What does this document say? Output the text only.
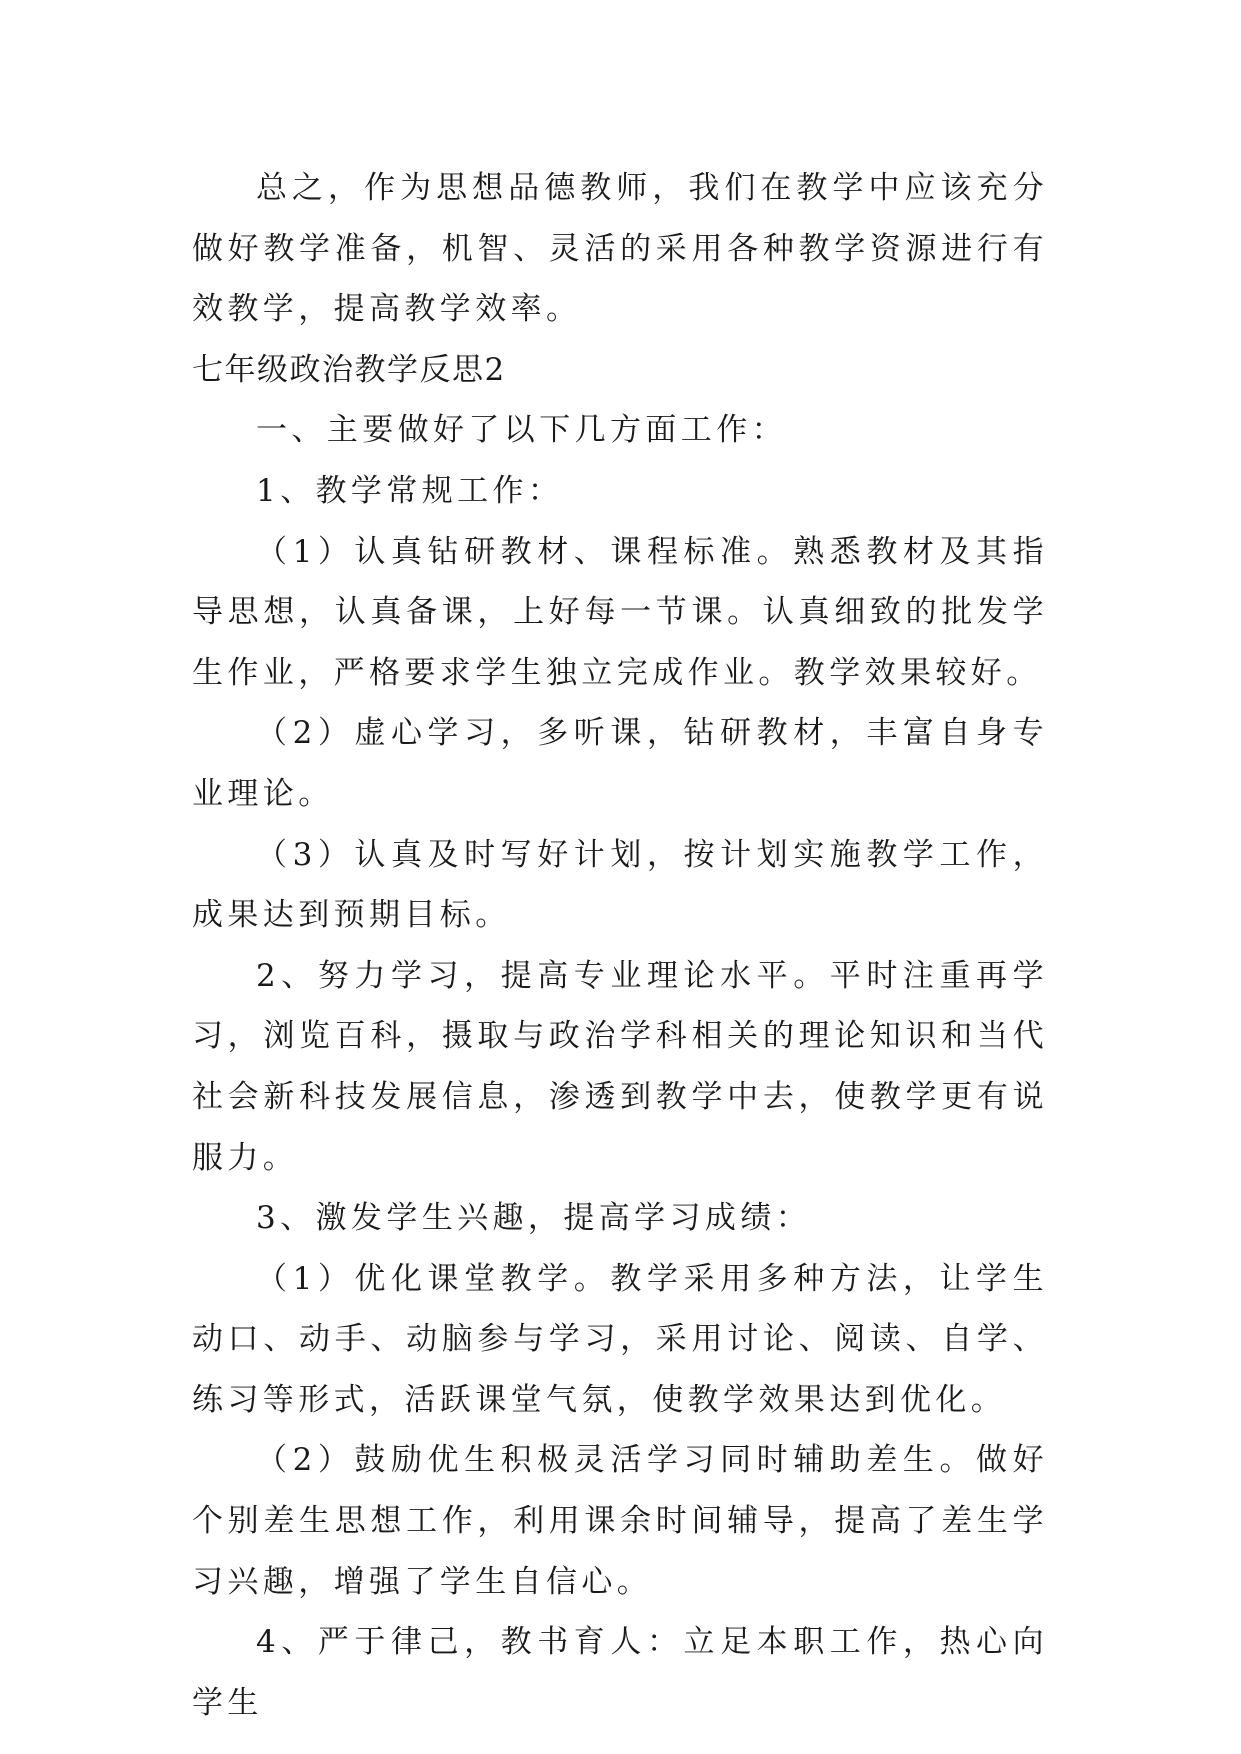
总之，作为思想品德教师，我们在教学中应该充分做好教学准备，机智、灵活的采用各种教学资源进行有效教学，提高教学效率。

七年级政治教学反思2

一、主要做好了以下几方面工作：

1、教学常规工作：

（1）认真钻研教材、课程标准。熟悉教材及其指导思想，认真备课，上好每一节课。认真细致的批发学生作业，严格要求学生独立完成作业。教学效果较好。

（2）虚心学习，多听课，钻研教材，丰富自身专业理论。

（3）认真及时写好计划，按计划实施教学工作，成果达到预期目标。

2、努力学习，提高专业理论水平。平时注重再学习，浏览百科，摄取与政治学科相关的理论知识和当代社会新科技发展信息，渗透到教学中去，使教学更有说服力。

3、激发学生兴趣，提高学习成绩：

（1）优化课堂教学。教学采用多种方法，让学生动口、动手、动脑参与学习，采用讨论、阅读、自学、练习等形式，活跃课堂气氛，使教学效果达到优化。

（2）鼓励优生积极灵活学习同时辅助差生。做好个别差生思想工作，利用课余时间辅导，提高了差生学习兴趣，增强了学生自信心。

4、严于律己，教书育人：立足本职工作，热心向学生
